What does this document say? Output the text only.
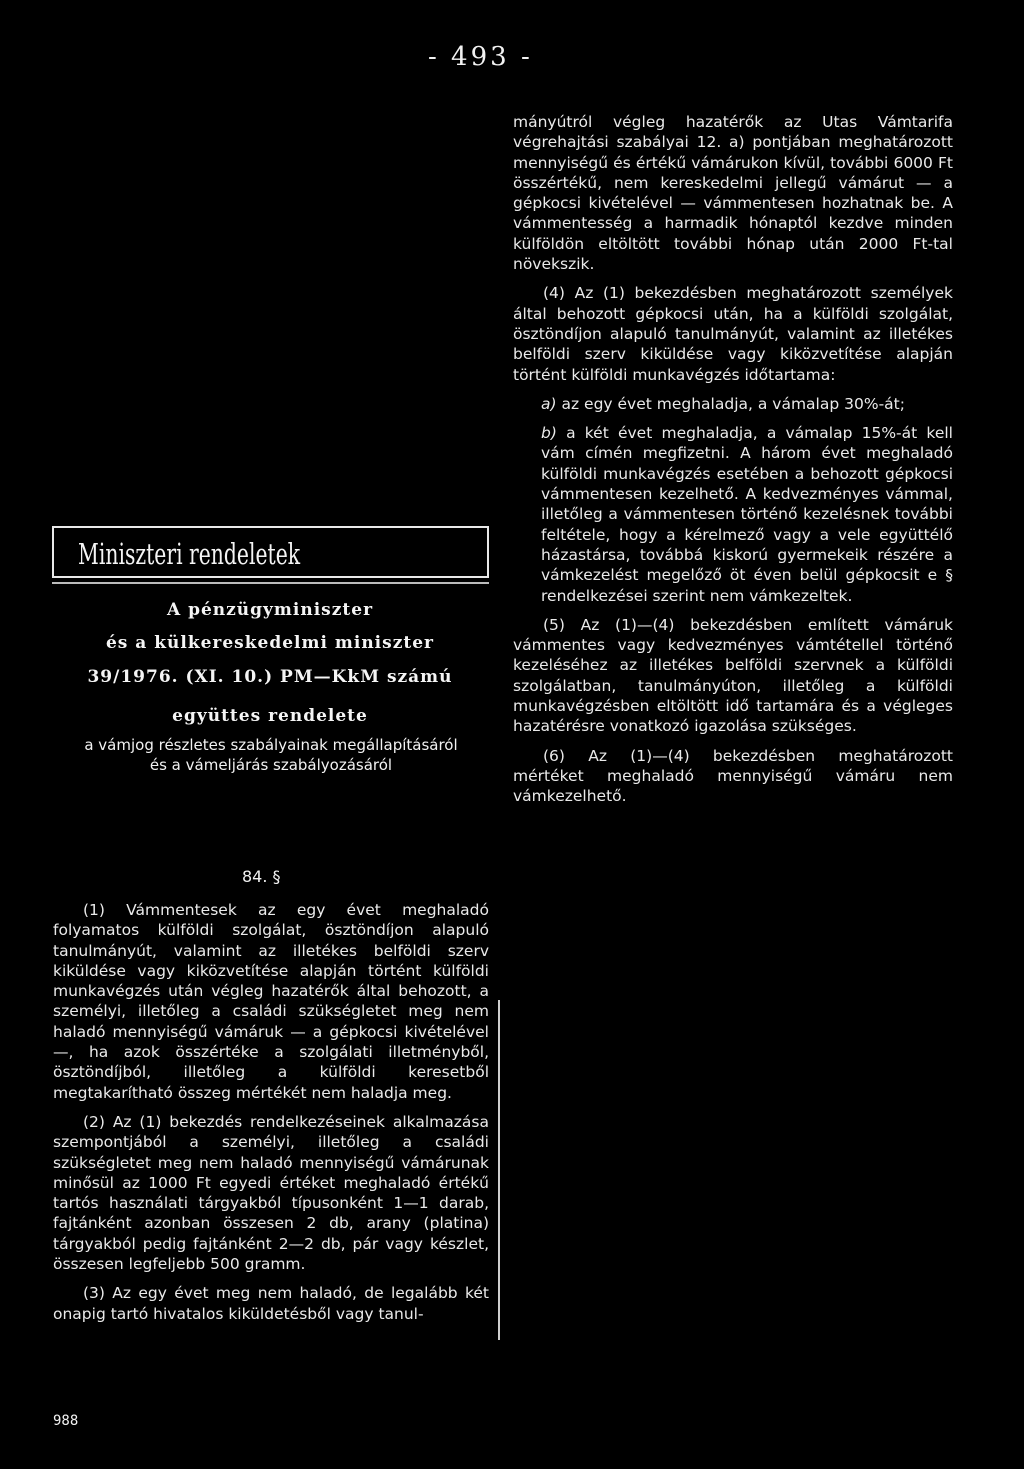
- 493 -

mányútról végleg hazatérők az Utas Vámtarifa végrehajtási szabályai 12. a) pontjában meghatározott mennyiségű és értékű vámárukon kívül, további 6000 Ft összértékű, nem kereskedelmi jellegű vámárut — a gépkocsi kivételével — vámmentesen hozhatnak be. A vámmentesség a harmadik hónaptól kezdve minden külföldön eltöltött további hónap után 2000 Ft-tal növekszik.

(4) Az (1) bekezdésben meghatározott személyek által behozott gépkocsi után, ha a külföldi szolgálat, ösztöndíjon alapuló tanulmányút, valamint az illetékes belföldi szerv kiküldése vagy kiközvetítése alapján történt külföldi munkavégzés időtartama:

a) az egy évet meghaladja, a vámalap 30%-át;

b) a két évet meghaladja, a vámalap 15%-át kell vám címén megfizetni. A három évet meghaladó külföldi munkavégzés esetében a behozott gépkocsi vámmentesen kezelhető. A kedvezményes vámmal, illetőleg a vámmentesen történő kezelésnek további feltétele, hogy a kérelmező vagy a vele együttélő házastársa, továbbá kiskorú gyermekeik részére a vámkezelést megelőző öt éven belül gépkocsit e § rendelkezései szerint nem vámkezeltek.

(5) Az (1)—(4) bekezdésben említett vámáruk vámmentes vagy kedvezményes vámtétellel történő kezeléséhez az illetékes belföldi szervnek a külföldi szolgálatban, tanulmányúton, illetőleg a külföldi munkavégzésben eltöltött idő tartamára és a végleges hazatérésre vonatkozó igazolása szükséges.

(6) Az (1)—(4) bekezdésben meghatározott mértéket meghaladó mennyiségű vámáru nem vámkezelhető.

Miniszteri rendeletek
A pénzügyminiszter
és a külkereskedelmi miniszter
39/1976. (XI. 10.) PM—KkM számú
együttes rendelete
a vámjog részletes szabályainak megállapításáról
és a vámeljárás szabályozásáról
84. §

(1) Vámmentesek az egy évet meghaladó folyamatos külföldi szolgálat, ösztöndíjon alapuló tanulmányút, valamint az illetékes belföldi szerv kiküldése vagy kiközvetítése alapján történt külföldi munkavégzés után végleg hazatérők által behozott, a személyi, illetőleg a családi szükségletet meg nem haladó mennyiségű vámáruk — a gépkocsi kivételével —, ha azok összértéke a szolgálati illetményből, ösztöndíjból, illetőleg a külföldi keresetből megtakarítható összeg mértékét nem haladja meg.

(2) Az (1) bekezdés rendelkezéseinek alkalmazása szempontjából a személyi, illetőleg a családi szükségletet meg nem haladó mennyiségű vámárunak minősül az 1000 Ft egyedi értéket meghaladó értékű tartós használati tárgyakból típusonként 1—1 darab, fajtánként azonban összesen 2 db, arany (platina) tárgyakból pedig fajtánként 2—2 db, pár vagy készlet, összesen legfeljebb 500 gramm.

(3) Az egy évet meg nem haladó, de legalább két onapig tartó hivatalos kiküldetésből vagy tanul-

988
